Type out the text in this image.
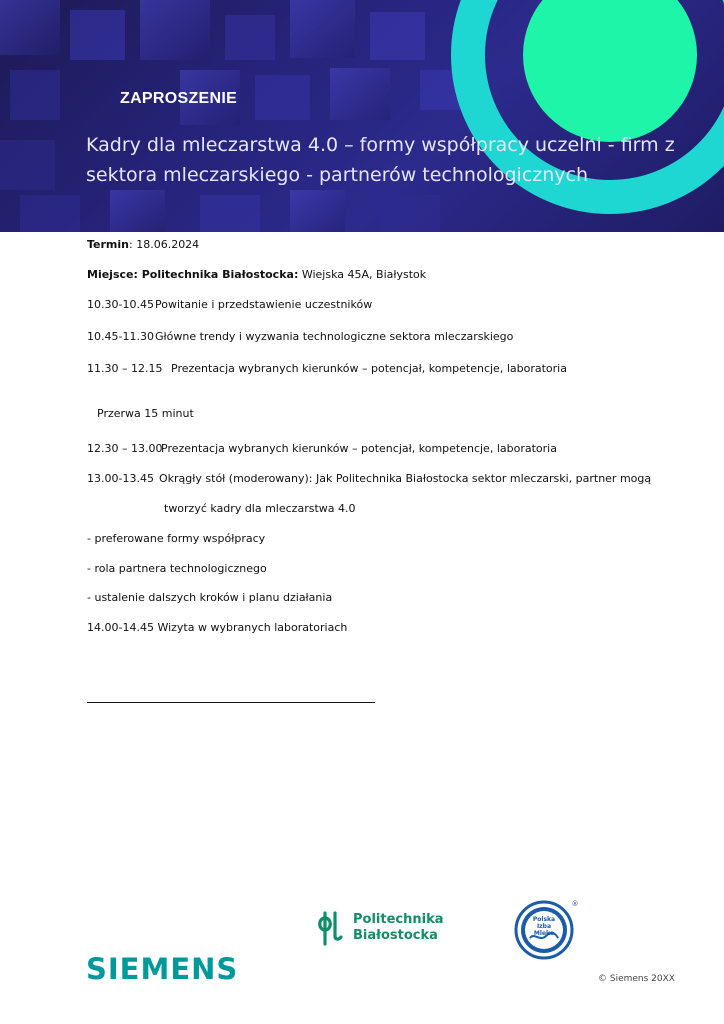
ZAPROSZENIE
Kadry dla mleczarstwa 4.0 – formy współpracy uczelni - firm z
sektora mleczarskiego - partnerów technologicznych
Termin: 18.06.2024
Miejsce: Politechnika Białostocka: Wiejska 45A, Białystok
10.30-10.45Powitanie i przedstawienie uczestników
10.45-11.30Główne trendy i wyzwania technologiczne sektora mleczarskiego
11.30 – 12.15 Prezentacja wybranych kierunków – potencjał, kompetencje, laboratoria
Przerwa 15 minut
12.30 – 13.00Prezentacja wybranych kierunków – potencjał, kompetencje, laboratoria
13.00-13.45 Okrągły stół (moderowany): Jak Politechnika Białostocka sektor mleczarski, partner mogą
tworzyć kadry dla mleczarstwa 4.0
- preferowane formy współpracy
- rola partnera technologicznego
- ustalenie dalszych kroków i planu działania
14.00-14.45 Wizyta w wybranych laboratoriach
Politechnika
Białostocka
Polska
Izba
Mleka
®
SIEMENS	© Siemens 20XX
